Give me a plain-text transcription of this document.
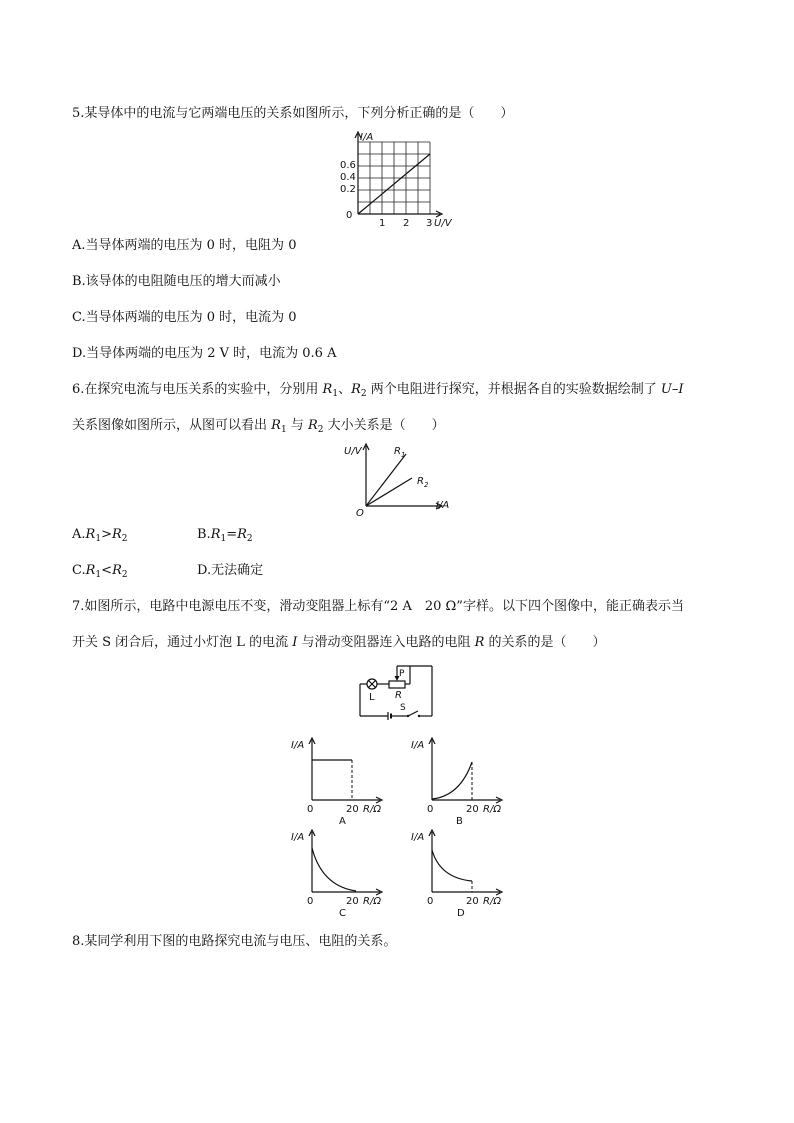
5.某导体中的电流与它两端电压的关系如图所示，下列分析正确的是（　　）
I/A
0
0.2
0.4
0.6
1 2 3 U/V
A.当导体两端的电压为 0 时，电阻为 0
B.该导体的电阻随电压的增大而减小
C.当导体两端的电压为 0 时，电流为 0
D.当导体两端的电压为 2 V 时，电流为 0.6 A
6.在探究电流与电压关系的实验中，分别用 $R_1$、$R_2$ 两个电阻进行探究，并根据各自的实验数据绘制了 U–I
关系图像如图所示，从图可以看出 $R_1$ 与 $R_2$ 大小关系是（　　）
U/V
O
I/A
$R_1$
$R_2$
$A.R_1>R_2$	$B.R_1=R_2$
$C.R_1<R_2$	D.无法确定
7.如图所示，电路中电源电压不变，滑动变阻器上标有“2 A　20 Ω”字样。以下四个图像中，能正确表示当
开关 S 闭合后，通过小灯泡 L 的电流 I 与滑动变阻器连入电路的电阻 R 的关系的是（　　）
L
P
R
S
I/A
0	20 R/Ω
A
I/A
0	20 R/Ω
B
I/A
0	20 R/Ω
C
I/A
0	20 R/Ω
D
8.某同学利用下图的电路探究电流与电压、电阻的关系。
